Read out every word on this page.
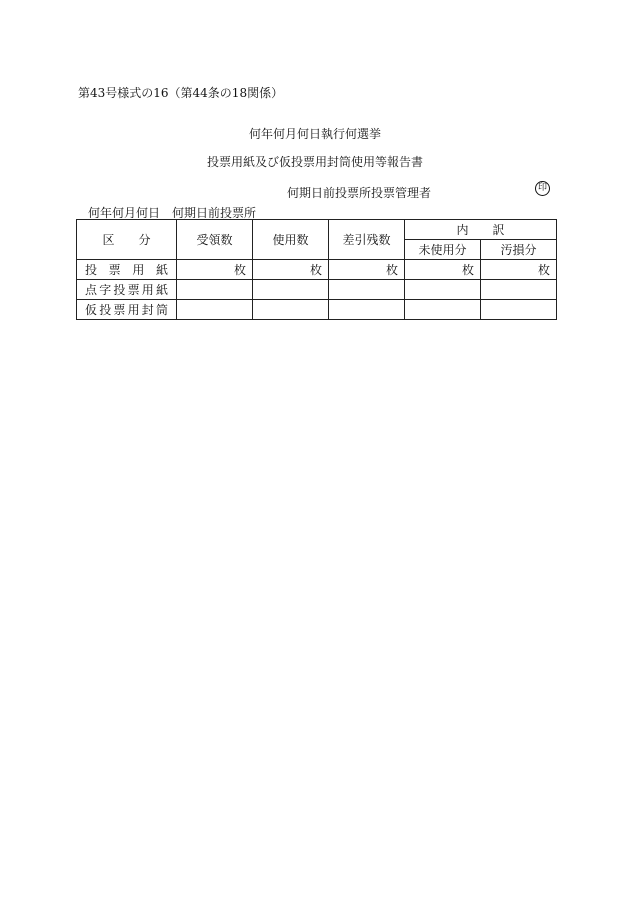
第43号様式の16（第44条の18関係）
何年何月何日執行何選挙
投票用紙及び仮投票用封筒使用等報告書
何期日前投票所投票管理者	印
何年何月何日 何期日前投票所
区　　分	受領数	使用数	差引残数	内　　訳	
				未使用分	汚損分
投票用紙	枚	枚	枚	枚	枚
点字投票用紙					
仮投票用封筒					
